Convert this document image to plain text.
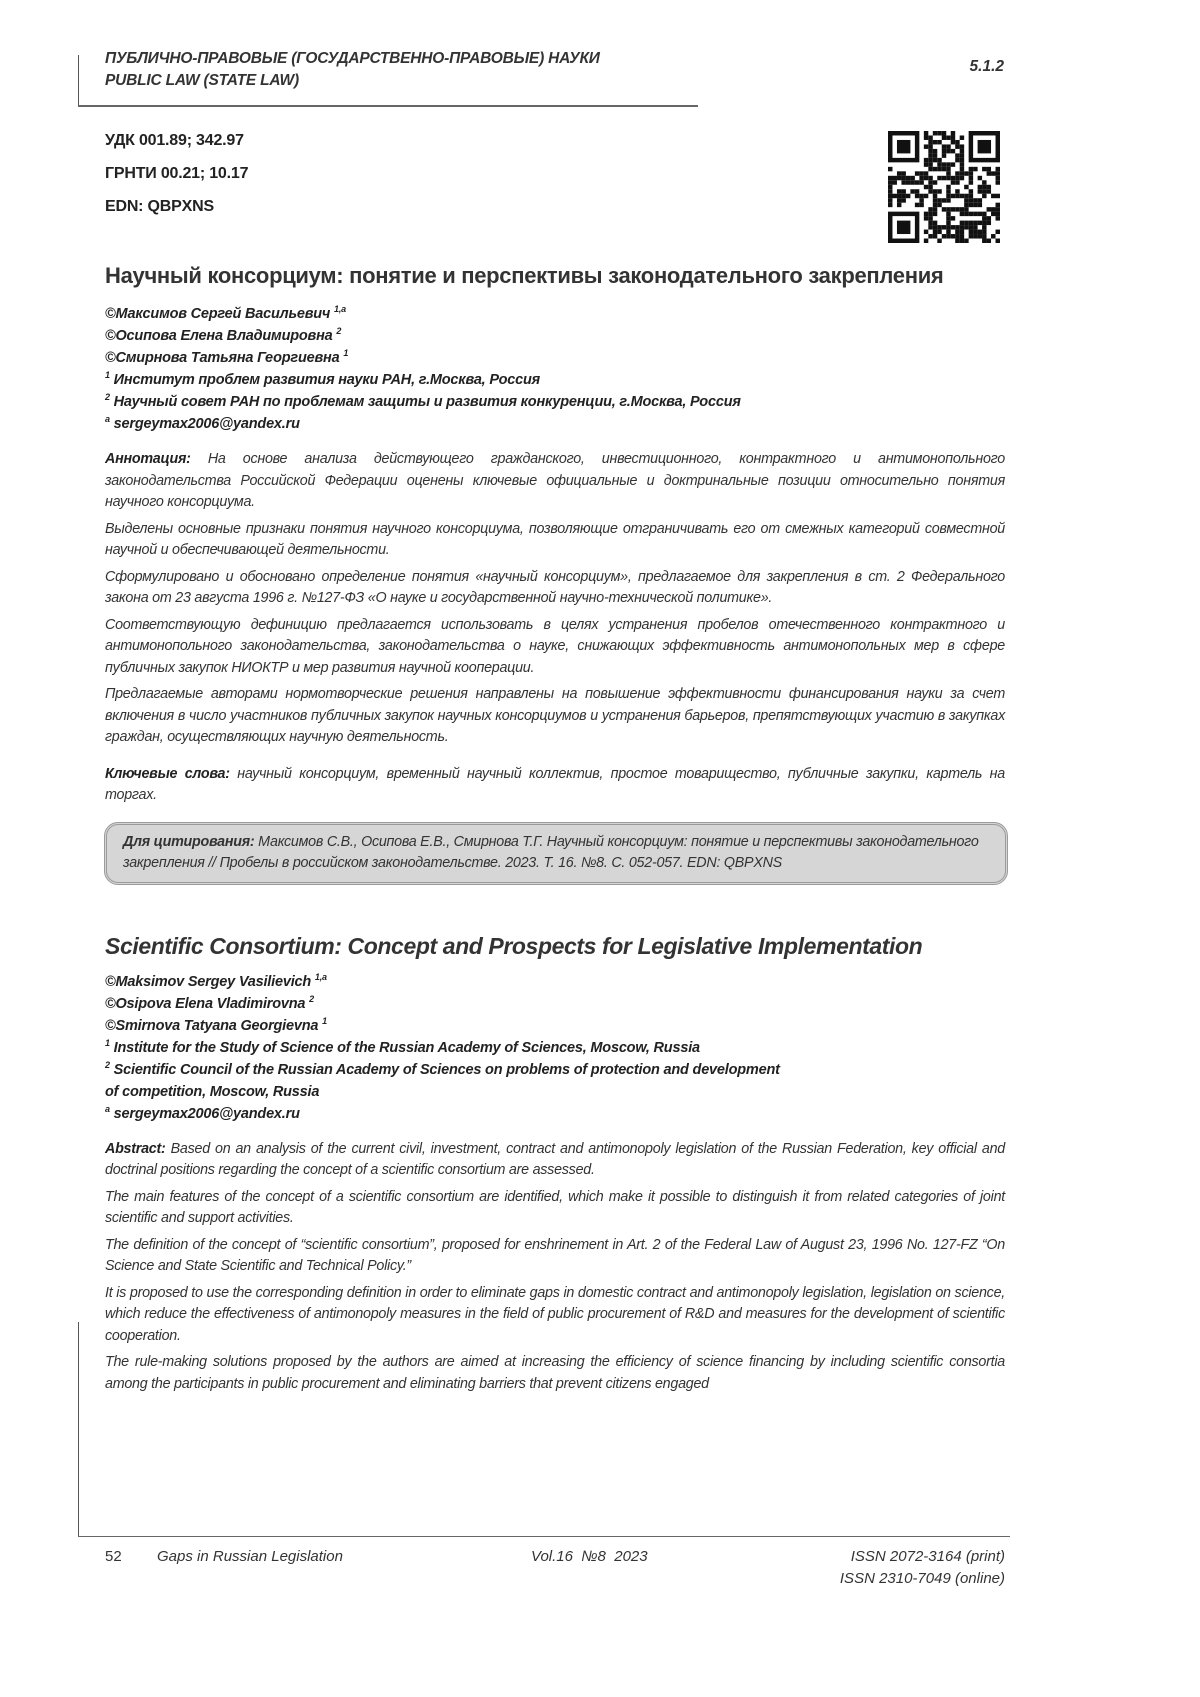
ПУБЛИЧНО-ПРАВОВЫЕ (ГОСУДАРСТВЕННО-ПРАВОВЫЕ) НАУКИ
PUBLIC LAW (STATE LAW)
5.1.2
УДК 001.89; 342.97
ГРНТИ 00.21; 10.17
EDN: QBPXNS
Научный консорциум: понятие и перспективы законодательного закрепления
©Максимов Сергей Васильевич 1,a
©Осипова Елена Владимировна 2
©Смирнова Татьяна Георгиевна 1
1 Институт проблем развития науки РАН, г.Москва, Россия
2 Научный совет РАН по проблемам защиты и развития конкуренции, г.Москва, Россия
a sergeymax2006@yandex.ru

Аннотация: На основе анализа действующего гражданского, инвестиционного, контрактного и антимонопольного законодательства Российской Федерации оценены ключевые официальные и доктринальные позиции относительно понятия научного консорциума.

Выделены основные признаки понятия научного консорциума, позволяющие отграничивать его от смежных категорий совместной научной и обеспечивающей деятельности.

Сформулировано и обосновано определение понятия «научный консорциум», предлагаемое для закрепления в ст. 2 Федерального закона от 23 августа 1996 г. №127-ФЗ «О науке и государственной научно-технической политике».

Соответствующую дефиницию предлагается использовать в целях устранения пробелов отечественного контрактного и антимонопольного законодательства, законодательства о науке, снижающих эффективность антимонопольных мер в сфере публичных закупок НИОКТР и мер развития научной кооперации.

Предлагаемые авторами нормотворческие решения направлены на повышение эффективности финансирования науки за счет включения в число участников публичных закупок научных консорциумов и устранения барьеров, препятствующих участию в закупках граждан, осуществляющих научную деятельность.

Ключевые слова: научный консорциум, временный научный коллектив, простое товарищество, публичные закупки, картель на торгах.

Для цитирования: Максимов С.В., Осипова Е.В., Смирнова Т.Г. Научный консорциум: понятие и перспективы законодательного закрепления // Пробелы в российском законодательстве. 2023. Т. 16. №8. С. 052-057. EDN: QBPXNS
Scientific Consortium: Concept and Prospects for Legislative Implementation
©Maksimov Sergey Vasilievich 1,a
©Osipova Elena Vladimirovna 2
©Smirnova Tatyana Georgievna 1
1 Institute for the Study of Science of the Russian Academy of Sciences, Moscow, Russia
2 Scientific Council of the Russian Academy of Sciences on problems of protection and development
of competition, Moscow, Russia
a sergeymax2006@yandex.ru

Abstract: Based on an analysis of the current civil, investment, contract and antimonopoly legislation of the Russian Federation, key official and doctrinal positions regarding the concept of a scientific consortium are assessed.

The main features of the concept of a scientific consortium are identified, which make it possible to distinguish it from related categories of joint scientific and support activities.

The definition of the concept of “scientific consortium”, proposed for enshrinement in Art. 2 of the Federal Law of August 23, 1996 No. 127-FZ “On Science and State Scientific and Technical Policy.”

It is proposed to use the corresponding definition in order to eliminate gaps in domestic contract and antimonopoly legislation, legislation on science, which reduce the effectiveness of antimonopoly measures in the field of public procurement of R&D and measures for the development of scientific cooperation.

The rule-making solutions proposed by the authors are aimed at increasing the efficiency of science financing by including scientific consortia among the participants in public procurement and eliminating barriers that prevent citizens engaged

52 Gaps in Russian Legislation	Vol.16  №8  2023	ISSN 2072-3164 (print)
ISSN 2310-7049 (online)
